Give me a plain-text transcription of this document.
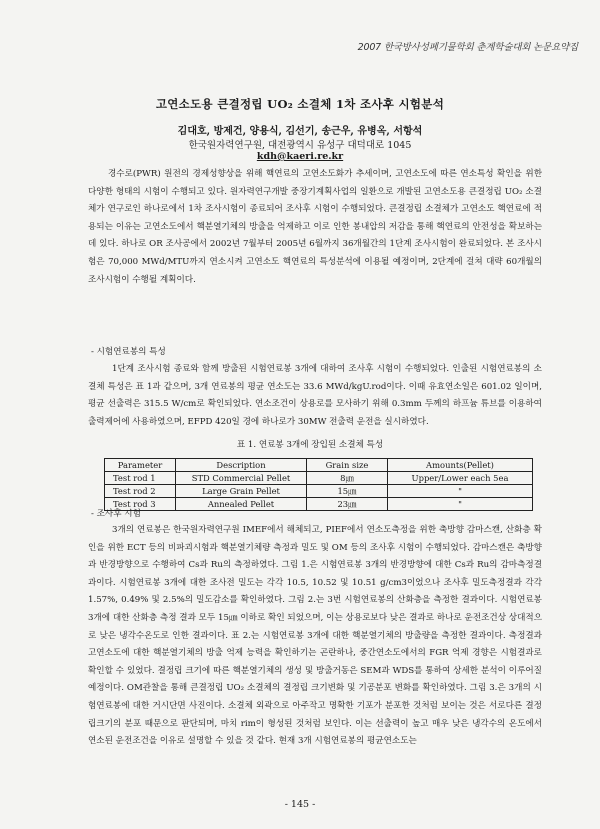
2007 한국방사성폐기물학회 춘계학술대회 논문요약집
고연소도용 큰결정립 UO₂ 소결체 1차 조사후 시험분석
김대호, 방제건, 양용식, 김선기, 송근우, 유병옥, 서항석
한국원자력연구원, 대전광역시 유성구 대덕대로 1045
kdh@kaeri.re.kr
경수로(PWR) 원전의 경제성향상을 위해 핵연료의 고연소도화가 추세이며, 고연소도에 따른 연소특성 확인을 위한 다양한 형태의 시험이 수행되고 있다. 원자력연구개발 중장기계획사업의 일환으로 개발된 고연소도용 큰결정립 UO₂ 소결체가 연구로인 하나로에서 1차 조사시험이 종료되어 조사후 시험이 수행되었다. 큰결정립 소결체가 고연소도 핵연료에 적용되는 이유는 고연소도에서 핵분열기체의 방출을 억제하고 이로 인한 봉내압의 저감을 통해 핵연료의 안전성을 확보하는데 있다. 하나로 OR 조사공에서 2002년 7월부터 2005년 6월까지 36개월간의 1단계 조사시험이 완료되었다. 본 조사시험은 70,000 MWd/MTU까지 연소시켜 고연소도 핵연료의 특성분석에 이용될 예정이며, 2단계에 걸쳐 대략 60개월의 조사시험이 수행될 계획이다.
- 시험연료봉의 특성
1단계 조사시험 종료와 함께 방출된 시험연료봉 3개에 대하여 조사후 시험이 수행되었다. 인출된 시험연료봉의 소결체 특성은 표 1과 같으며, 3개 연료봉의 평균 연소도는 33.6 MWd/kgU.rod이다. 이때 유효연소일은 601.02 일이며, 평균 선출력은 315.5 W/cm로 확인되었다. 연소조건이 상용로를 모사하기 위해 0.3mm 두께의 하프늄 튜브를 이용하여 출력제어에 사용하였으며, EFPD 420일 경에 하나로가 30MW 전출력 운전을 실시하였다.
표 1. 연료봉 3개에 장입된 소결체 특성
Parameter	Description	Grain size	Amounts(Pellet)
Test rod 1	STD Commercial Pellet	8㎛	Upper/Lower each 5ea
Test rod 2	Large Grain Pellet	15㎛	"
Test rod 3	Annealed Pellet	23㎛	"
- 조사후 시험
3개의 연료봉은 한국원자력연구원 IMEF에서 해체되고, PIEF에서 연소도측정을 위한 축방향 감마스캔, 산화층 확인을 위한 ECT 등의 비파괴시험과 핵분열기체량 측정과 밀도 및 OM 등의 조사후 시험이 수행되었다. 감마스캔은 축방향과 반경방향으로 수행하여 Cs과 Ru의 측정하였다. 그림 1.은 시험연료봉 3개의 반경방향에 대한 Cs과 Ru의 감마측정결과이다. 시험연료봉 3개에 대한 조사전 밀도는 각각 10.5, 10.52 및 10.51 g/cm3이었으나 조사후 밀도측정결과 각각 1.57%, 0.49% 및 2.5%의 밀도감소를 확인하였다. 그림 2.는 3번 시험연료봉의 산화층을 측정한 결과이다. 시험연료봉 3개에 대한 산화층 측정 결과 모두 15㎛ 이하로 확인 되었으며, 이는 상용로보다 낮은 결과로 하나로 운전조건상 상대적으로 낮은 냉각수온도로 인한 결과이다. 표 2.는 시험연료봉 3개에 대한 핵분열기체의 방출량을 측정한 결과이다. 측정결과 고연소도에 대한 핵분열기체의 방출 억제 능력을 확인하기는 곤란하나, 중간연소도에서의 FGR 억제 경향은 시험결과로 확인할 수 있었다. 결정립 크기에 따른 핵분열기체의 생성 및 방출거동은 SEM과 WDS를 통하여 상세한 분석이 이루어질 예정이다. OM관찰을 통해 큰결정립 UO₂ 소결체의 결정립 크기변화 및 기공분포 변화를 확인하였다. 그림 3.은 3개의 시험연료봉에 대한 거시단면 사진이다. 소결체 외곽으로 아주작고 명확한 기포가 분포한 것처럼 보이는 것은 서로다른 결정립크기의 분포 때문으로 판단되며, 마치 rim이 형성된 것처럼 보인다. 이는 선출력이 높고 매우 낮은 냉각수의 온도에서 연소된 운전조건을 이유로 설명할 수 있을 것 같다. 현재 3개 시험연료봉의 평균연소도는
- 145 -
